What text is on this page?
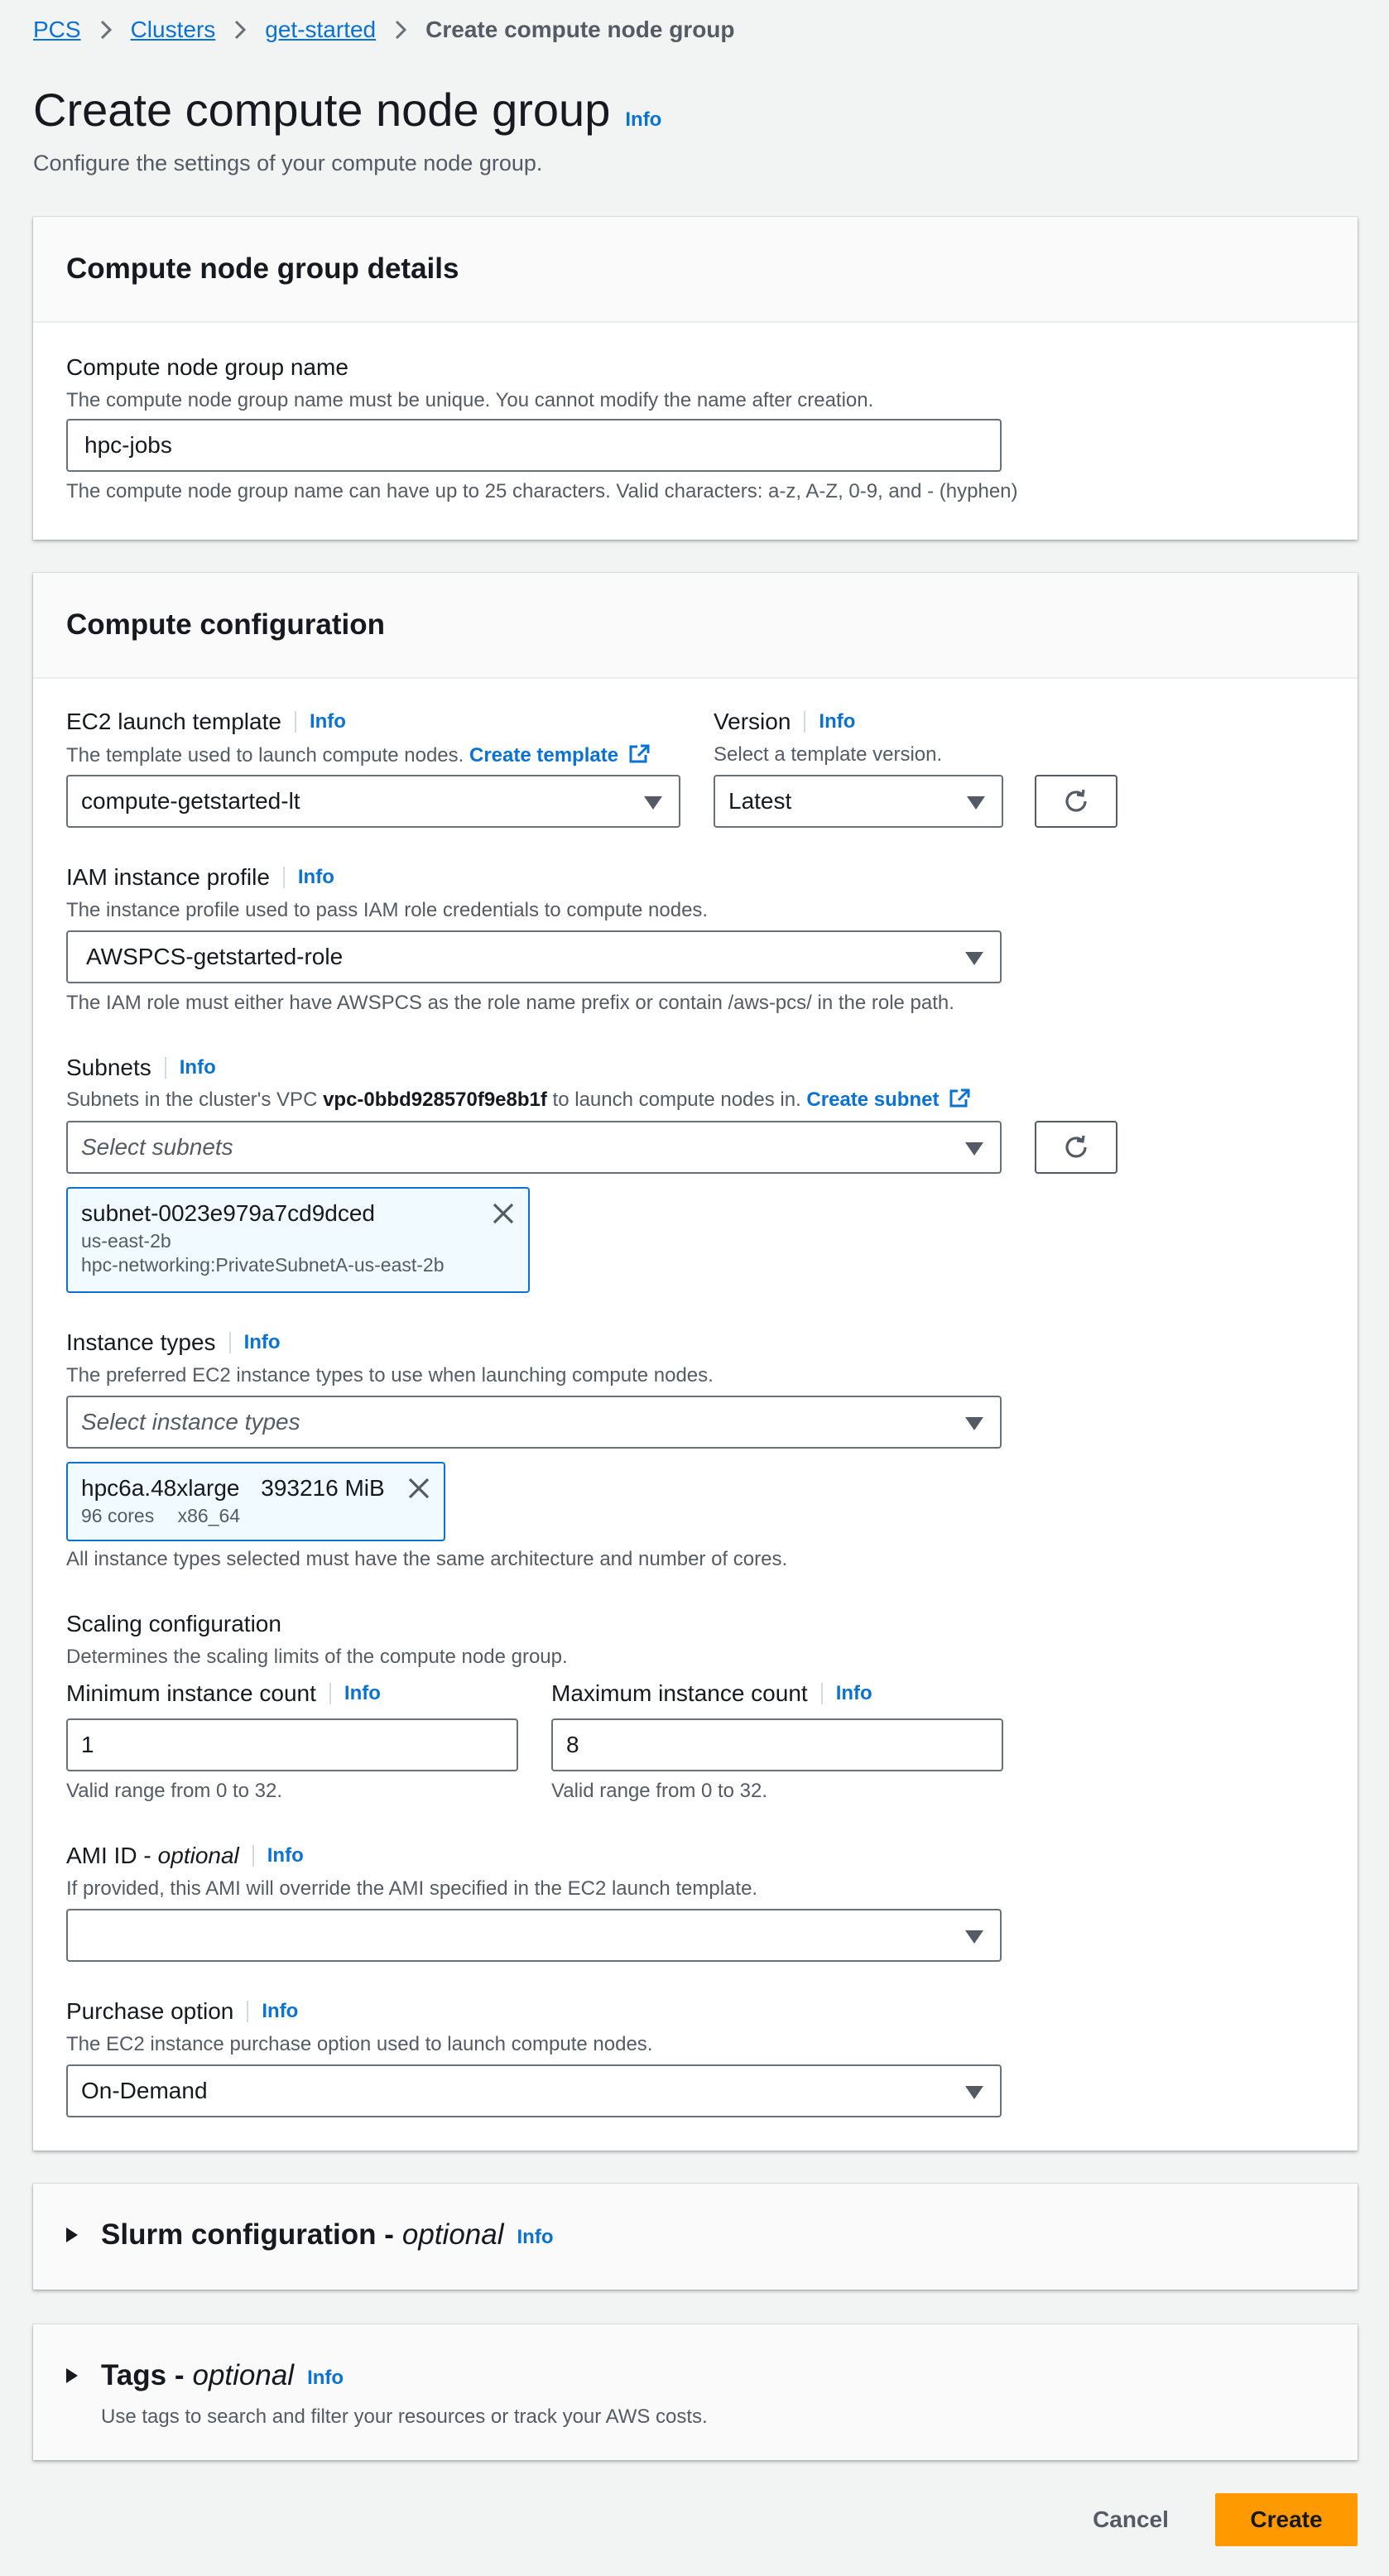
PCS Clusters get-started Create compute node group
Create compute node group Info

Configure the settings of your compute node group.

Compute node group details
Compute node group name
The compute node group name must be unique. You cannot modify the name after creation.
hpc-jobs
The compute node group name can have up to 25 characters. Valid characters: a-z, A-Z, 0-9, and - (hyphen)
Compute configuration
EC2 launch template Info
The template used to launch compute nodes. Create template
compute-getstarted-lt
Version Info
Select a template version.
Latest
IAM instance profile Info
The instance profile used to pass IAM role credentials to compute nodes.
AWSPCS-getstarted-role
The IAM role must either have AWSPCS as the role name prefix or contain /aws-pcs/ in the role path.
Subnets Info
Subnets in the cluster's VPC vpc-0bbd928570f9e8b1f to launch compute nodes in. Create subnet
Select subnets
subnet-0023e979a7cd9dced
us-east-2b
hpc-networking:PrivateSubnetA-us-east-2b
Instance types Info
The preferred EC2 instance types to use when launching compute nodes.
Select instance types
hpc6a.48xlarge 393216 MiB
96 cores x86_64
All instance types selected must have the same architecture and number of cores.
Scaling configuration
Determines the scaling limits of the compute node group.
Minimum instance count Info
1
Valid range from 0 to 32.
Maximum instance count Info
8
Valid range from 0 to 32.
AMI ID - optional Info
If provided, this AMI will override the AMI specified in the EC2 launch template.
Purchase option Info
The EC2 instance purchase option used to launch compute nodes.
On-Demand
Slurm configuration - optional Info
Tags - optional Info
Use tags to search and filter your resources or track your AWS costs.
Cancel	Create
